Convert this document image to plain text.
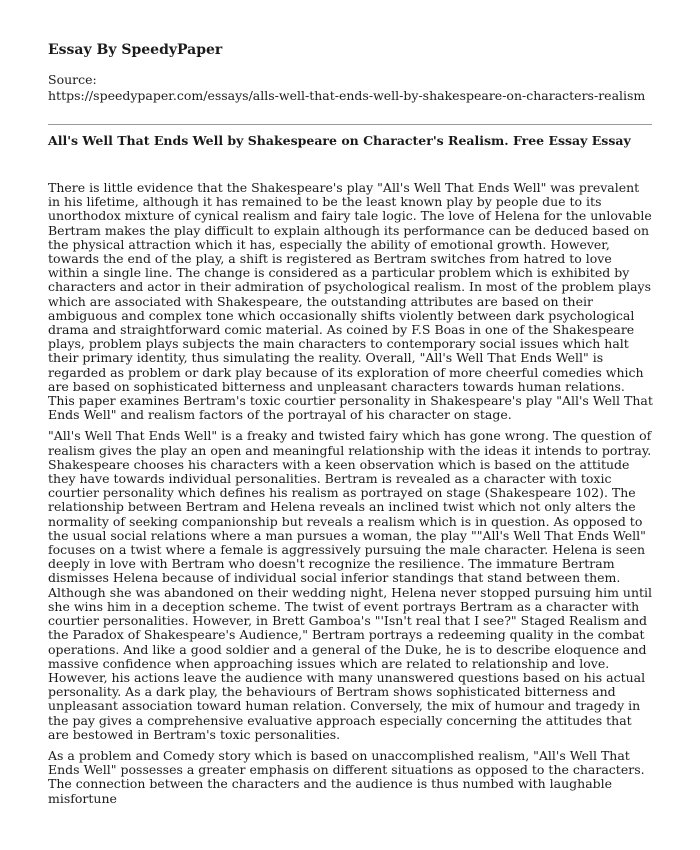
Essay By SpeedyPaper
Source:
https://speedypaper.com/essays/alls-well-that-ends-well-by-shakespeare-on-characters-realism
All's Well That Ends Well by Shakespeare on Character's Realism. Free Essay Essay

There is little evidence that the Shakespeare's play "All's Well That Ends Well" was prevalent in his lifetime, although it has remained to be the least known play by people due to its unorthodox mixture of cynical realism and fairy tale logic. The love of Helena for the unlovable Bertram makes the play difficult to explain although its performance can be deduced based on the physical attraction which it has, especially the ability of emotional growth. However, towards the end of the play, a shift is registered as Bertram switches from hatred to love within a single line. The change is considered as a particular problem which is exhibited by characters and actor in their admiration of psychological realism. In most of the problem plays which are associated with Shakespeare, the outstanding attributes are based on their ambiguous and complex tone which occasionally shifts violently between dark psychological drama and straightforward comic material. As coined by F.S Boas in one of the Shakespeare plays, problem plays subjects the main characters to contemporary social issues which halt their primary identity, thus simulating the reality. Overall, "All's Well That Ends Well" is regarded as problem or dark play because of its exploration of more cheerful comedies which are based on sophisticated bitterness and unpleasant characters towards human relations. This paper examines Bertram's toxic courtier personality in Shakespeare's play "All's Well That Ends Well" and realism factors of the portrayal of his character on stage.

"All's Well That Ends Well" is a freaky and twisted fairy which has gone wrong. The question of realism gives the play an open and meaningful relationship with the ideas it intends to portray. Shakespeare chooses his characters with a keen observation which is based on the attitude they have towards individual personalities. Bertram is revealed as a character with toxic courtier personality which defines his realism as portrayed on stage (Shakespeare 102). The relationship between Bertram and Helena reveals an inclined twist which not only alters the normality of seeking companionship but reveals a realism which is in question. As opposed to the usual social relations where a man pursues a woman, the play ""All's Well That Ends Well" focuses on a twist where a female is aggressively pursuing the male character. Helena is seen deeply in love with Bertram who doesn't recognize the resilience. The immature Bertram dismisses Helena because of individual social inferior standings that stand between them. Although she was abandoned on their wedding night, Helena never stopped pursuing him until she wins him in a deception scheme. The twist of event portrays Bertram as a character with courtier personalities. However, in Brett Gamboa's "'Isn't real that I see?" Staged Realism and the Paradox of Shakespeare's Audience," Bertram portrays a redeeming quality in the combat operations. And like a good soldier and a general of the Duke, he is to describe eloquence and massive confidence when approaching issues which are related to relationship and love. However, his actions leave the audience with many unanswered questions based on his actual personality. As a dark play, the behaviours of Bertram shows sophisticated bitterness and unpleasant association toward human relation. Conversely, the mix of humour and tragedy in the pay gives a comprehensive evaluative approach especially concerning the attitudes that are bestowed in Bertram's toxic personalities.

As a problem and Comedy story which is based on unaccomplished realism, "All's Well That Ends Well" possesses a greater emphasis on different situations as opposed to the characters. The connection between the characters and the audience is thus numbed with laughable misfortune
